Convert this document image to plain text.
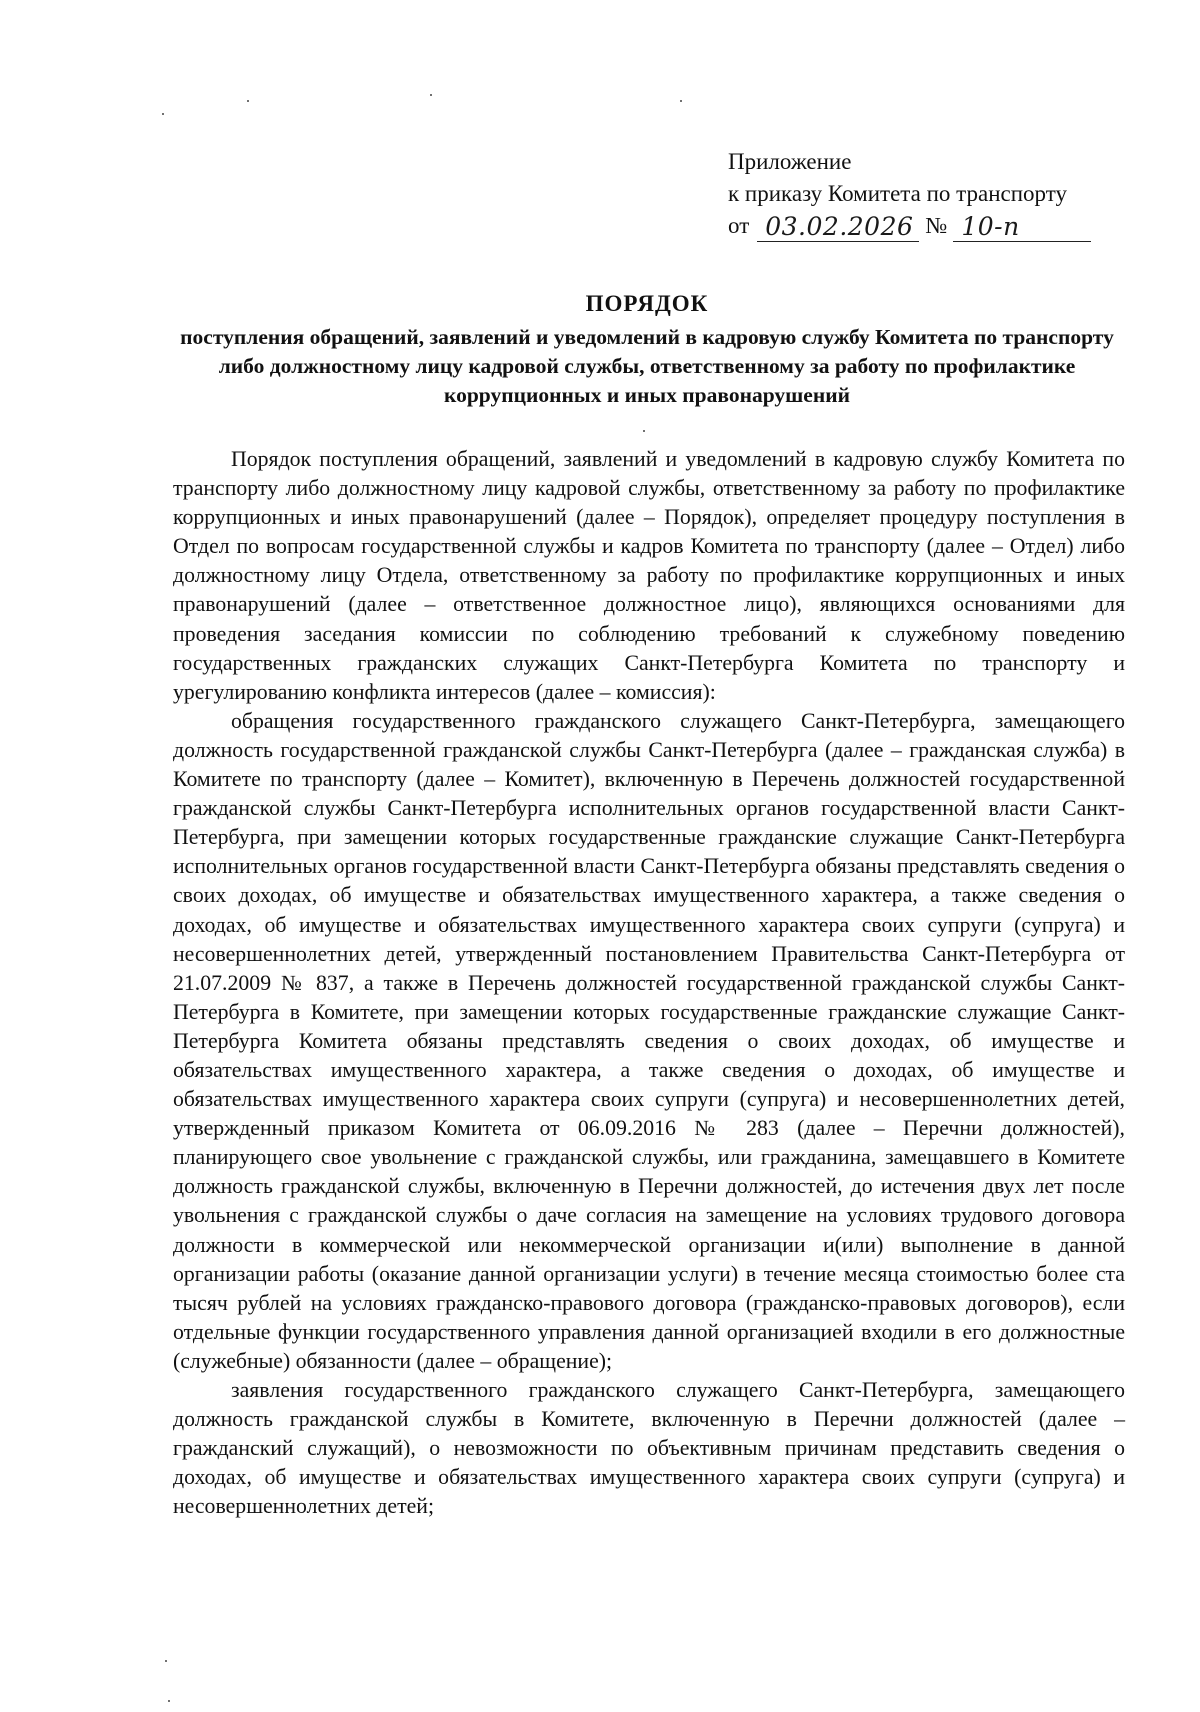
Приложение
к приказу Комитета по транспорту
от 03.02.2026 № 10-п
ПОРЯДОК
поступления обращений, заявлений и уведомлений в кадровую службу Комитета по транспорту либо должностному лицу кадровой службы, ответственному за работу по профилактике коррупционных и иных правонарушений

Порядок поступления обращений, заявлений и уведомлений в кадровую службу Комитета по транспорту либо должностному лицу кадровой службы, ответственному за работу по профилактике коррупционных и иных правонарушений (далее – Порядок), определяет процедуру поступления в Отдел по вопросам государственной службы и кадров Комитета по транспорту (далее – Отдел) либо должностному лицу Отдела, ответственному за работу по профилактике коррупционных и иных правонарушений (далее – ответственное должностное лицо), являющихся основаниями для проведения заседания комиссии по соблюдению требований к служебному поведению государственных гражданских служащих Санкт-Петербурга Комитета по транспорту и урегулированию конфликта интересов (далее – комиссия):

обращения государственного гражданского служащего Санкт-Петербурга, замещающего должность государственной гражданской службы Санкт-Петербурга (далее – гражданская служба) в Комитете по транспорту (далее – Комитет), включенную в Перечень должностей государственной гражданской службы Санкт-Петербурга исполнительных органов государственной власти Санкт-Петербурга, при замещении которых государственные гражданские служащие Санкт-Петербурга исполнительных органов государственной власти Санкт-Петербурга обязаны представлять сведения о своих доходах, об имуществе и обязательствах имущественного характера, а также сведения о доходах, об имуществе и обязательствах имущественного характера своих супруги (супруга) и несовершеннолетних детей, утвержденный постановлением Правительства Санкт-Петербурга от 21.07.2009 № 837, а также в Перечень должностей государственной гражданской службы Санкт-Петербурга в Комитете, при замещении которых государственные гражданские служащие Санкт-Петербурга Комитета обязаны представлять сведения о своих доходах, об имуществе и обязательствах имущественного характера, а также сведения о доходах, об имуществе и обязательствах имущественного характера своих супруги (супруга) и несовершеннолетних детей, утвержденный приказом Комитета от 06.09.2016 № 283 (далее – Перечни должностей), планирующего свое увольнение с гражданской службы, или гражданина, замещавшего в Комитете должность гражданской службы, включенную в Перечни должностей, до истечения двух лет после увольнения с гражданской службы о даче согласия на замещение на условиях трудового договора должности в коммерческой или некоммерческой организации и(или) выполнение в данной организации работы (оказание данной организации услуги) в течение месяца стоимостью более ста тысяч рублей на условиях гражданско-правового договора (гражданско-правовых договоров), если отдельные функции государственного управления данной организацией входили в его должностные (служебные) обязанности (далее – обращение);

заявления государственного гражданского служащего Санкт-Петербурга, замещающего должность гражданской службы в Комитете, включенную в Перечни должностей (далее – гражданский служащий), о невозможности по объективным причинам представить сведения о доходах, об имуществе и обязательствах имущественного характера своих супруги (супруга) и несовершеннолетних детей;
